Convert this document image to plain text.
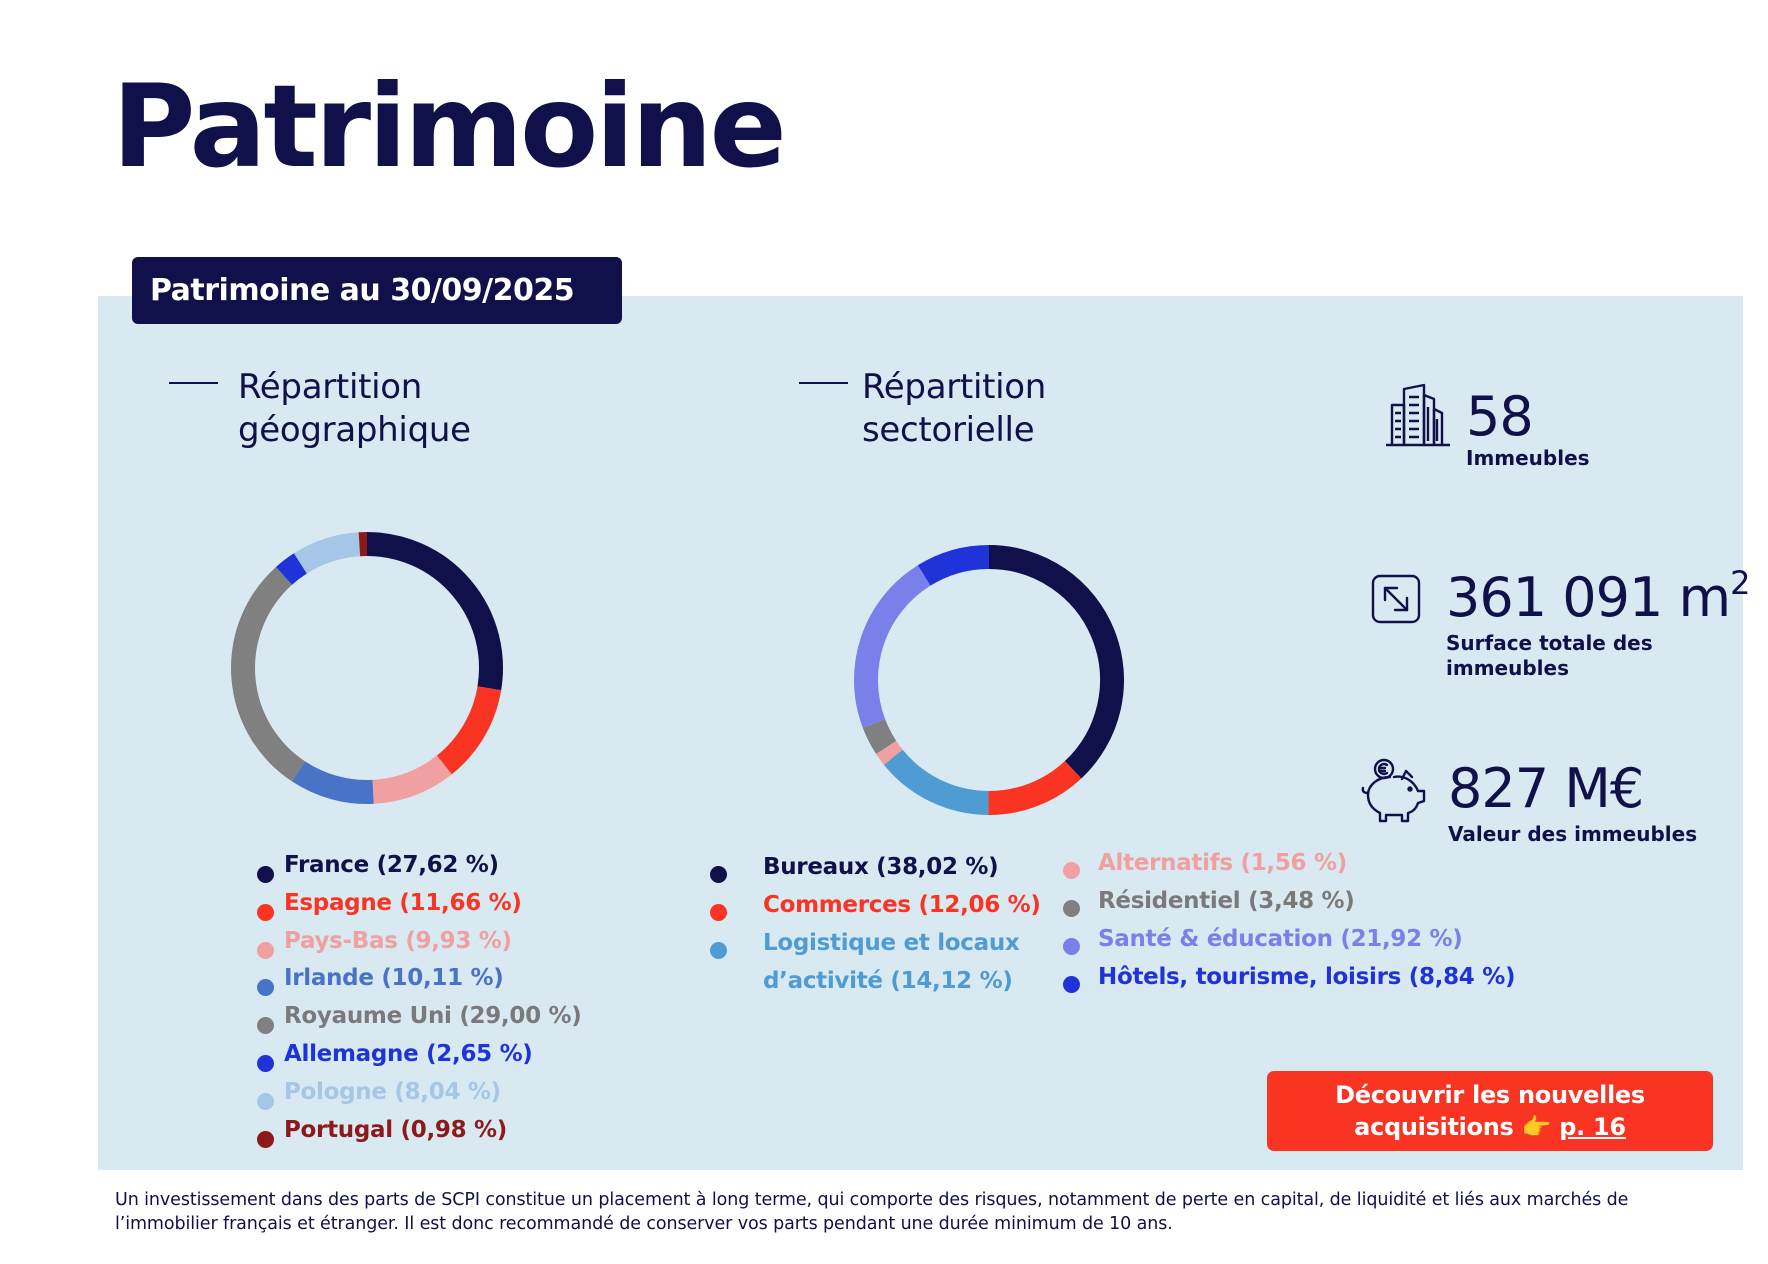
Patrimoine
Patrimoine au 30/09/2025
Répartition
géographique
Répartition
sectorielle
France (27,62 %)
Espagne (11,66 %)
Pays-Bas (9,93 %)
Irlande (10,11 %)
Royaume Uni (29,00 %)
Allemagne (2,65 %)
Pologne (8,04 %)
Portugal (0,98 %)
Bureaux (38,02 %)
Commerces (12,06 %)
Logistique et locaux
d’activité (14,12 %)
Alternatifs (1,56 %)
Résidentiel (3,48 %)
Santé & éducation (21,92 %)
Hôtels, tourisme, loisirs (8,84 %)
58
Immeubles
361 091 $m^2$
Surface totale des
immeubles
827 M€
Valeur des immeubles
Découvrir les nouvelles
acquisitions 👉 p. 16

Un investissement dans des parts de SCPI constitue un placement à long terme, qui comporte des risques, notamment de perte en capital, de liquidité et liés aux marchés de l’immobilier français et étranger. Il est donc recommandé de conserver vos parts pendant une durée minimum de 10 ans.
